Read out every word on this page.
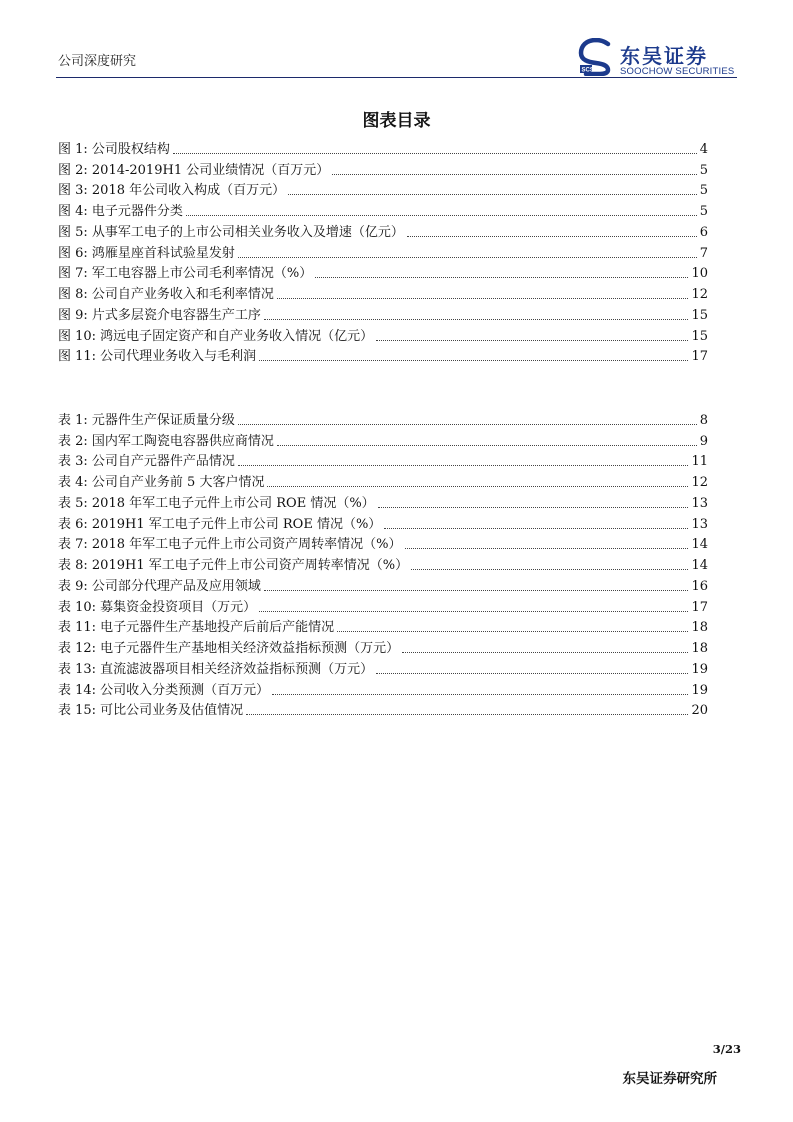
公司深度研究
SCS
东吴证券
SOOCHOW SECURITIES
图表目录
图 1: 公司股权结构	4
图 2: 2014-2019H1 公司业绩情况（百万元）	5
图 3: 2018 年公司收入构成（百万元）	5
图 4: 电子元器件分类	5
图 5: 从事军工电子的上市公司相关业务收入及增速（亿元）	6
图 6: 鸿雁星座首科试验星发射	7
图 7: 军工电容器上市公司毛利率情况（%）	10
图 8: 公司自产业务收入和毛利率情况	12
图 9: 片式多层瓷介电容器生产工序	15
图 10: 鸿远电子固定资产和自产业务收入情况（亿元）	15
图 11: 公司代理业务收入与毛利润	17
表 1: 元器件生产保证质量分级	8
表 2: 国内军工陶瓷电容器供应商情况	9
表 3: 公司自产元器件产品情况	11
表 4: 公司自产业务前 5 大客户情况	12
表 5: 2018 年军工电子元件上市公司 ROE 情况（%）	13
表 6: 2019H1 军工电子元件上市公司 ROE 情况（%）	13
表 7: 2018 年军工电子元件上市公司资产周转率情况（%）	14
表 8: 2019H1 军工电子元件上市公司资产周转率情况（%）	14
表 9: 公司部分代理产品及应用领域	16
表 10: 募集资金投资项目（万元）	17
表 11: 电子元器件生产基地投产后前后产能情况	18
表 12: 电子元器件生产基地相关经济效益指标预测（万元）	18
表 13: 直流滤波器项目相关经济效益指标预测（万元）	19
表 14: 公司收入分类预测（百万元）	19
表 15: 可比公司业务及估值情况	20
3/23
东吴证券研究所
